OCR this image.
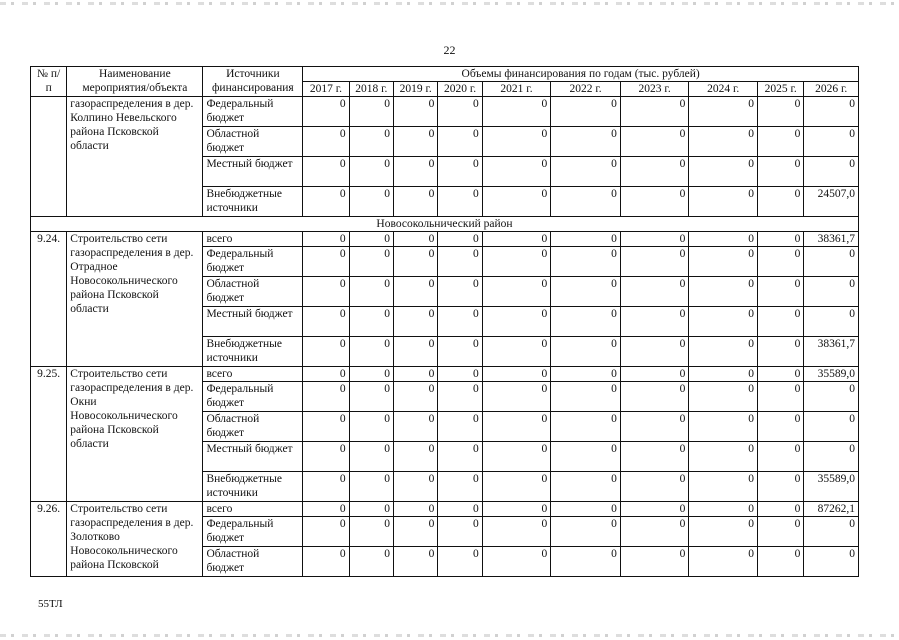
22
№ п/п	Наименование мероприятия/объекта	Источники финансирования	Объемы финансирования по годам (тыс. рублей)									
			2017 г.	2018 г.	2019 г.	2020 г.	2021 г.	2022 г.	2023 г.	2024 г.	2025 г.	2026 г.
	газораспределения в дер. Колпино Невельского района Псковской области	Федеральный бюджет	0	0	0	0	0	0	0	0	0	0
		Областной бюджет	0	0	0	0	0	0	0	0	0	0
		Местный бюджет	0	0	0	0	0	0	0	0	0	0
		Внебюджетные источники	0	0	0	0	0	0	0	0	0	24507,0
Новосокольнический район												
9.24.	Строительство сети газораспределения в дер. Отрадное Новосокольнического района Псковской области	всего	0	0	0	0	0	0	0	0	0	38361,7
		Федеральный бюджет	0	0	0	0	0	0	0	0	0	0
		Областной бюджет	0	0	0	0	0	0	0	0	0	0
		Местный бюджет	0	0	0	0	0	0	0	0	0	0
		Внебюджетные источники	0	0	0	0	0	0	0	0	0	38361,7
9.25.	Строительство сети газораспределения в дер. Окни Новосокольнического района Псковской области	всего	0	0	0	0	0	0	0	0	0	35589,0
		Федеральный бюджет	0	0	0	0	0	0	0	0	0	0
		Областной бюджет	0	0	0	0	0	0	0	0	0	0
		Местный бюджет	0	0	0	0	0	0	0	0	0	0
		Внебюджетные источники	0	0	0	0	0	0	0	0	0	35589,0
9.26.	Строительство сети газораспределения в дер. Золотково Новосокольнического района Псковской	всего	0	0	0	0	0	0	0	0	0	87262,1
		Федеральный бюджет	0	0	0	0	0	0	0	0	0	0
		Областной бюджет	0	0	0	0	0	0	0	0	0	0
55ТЛ
